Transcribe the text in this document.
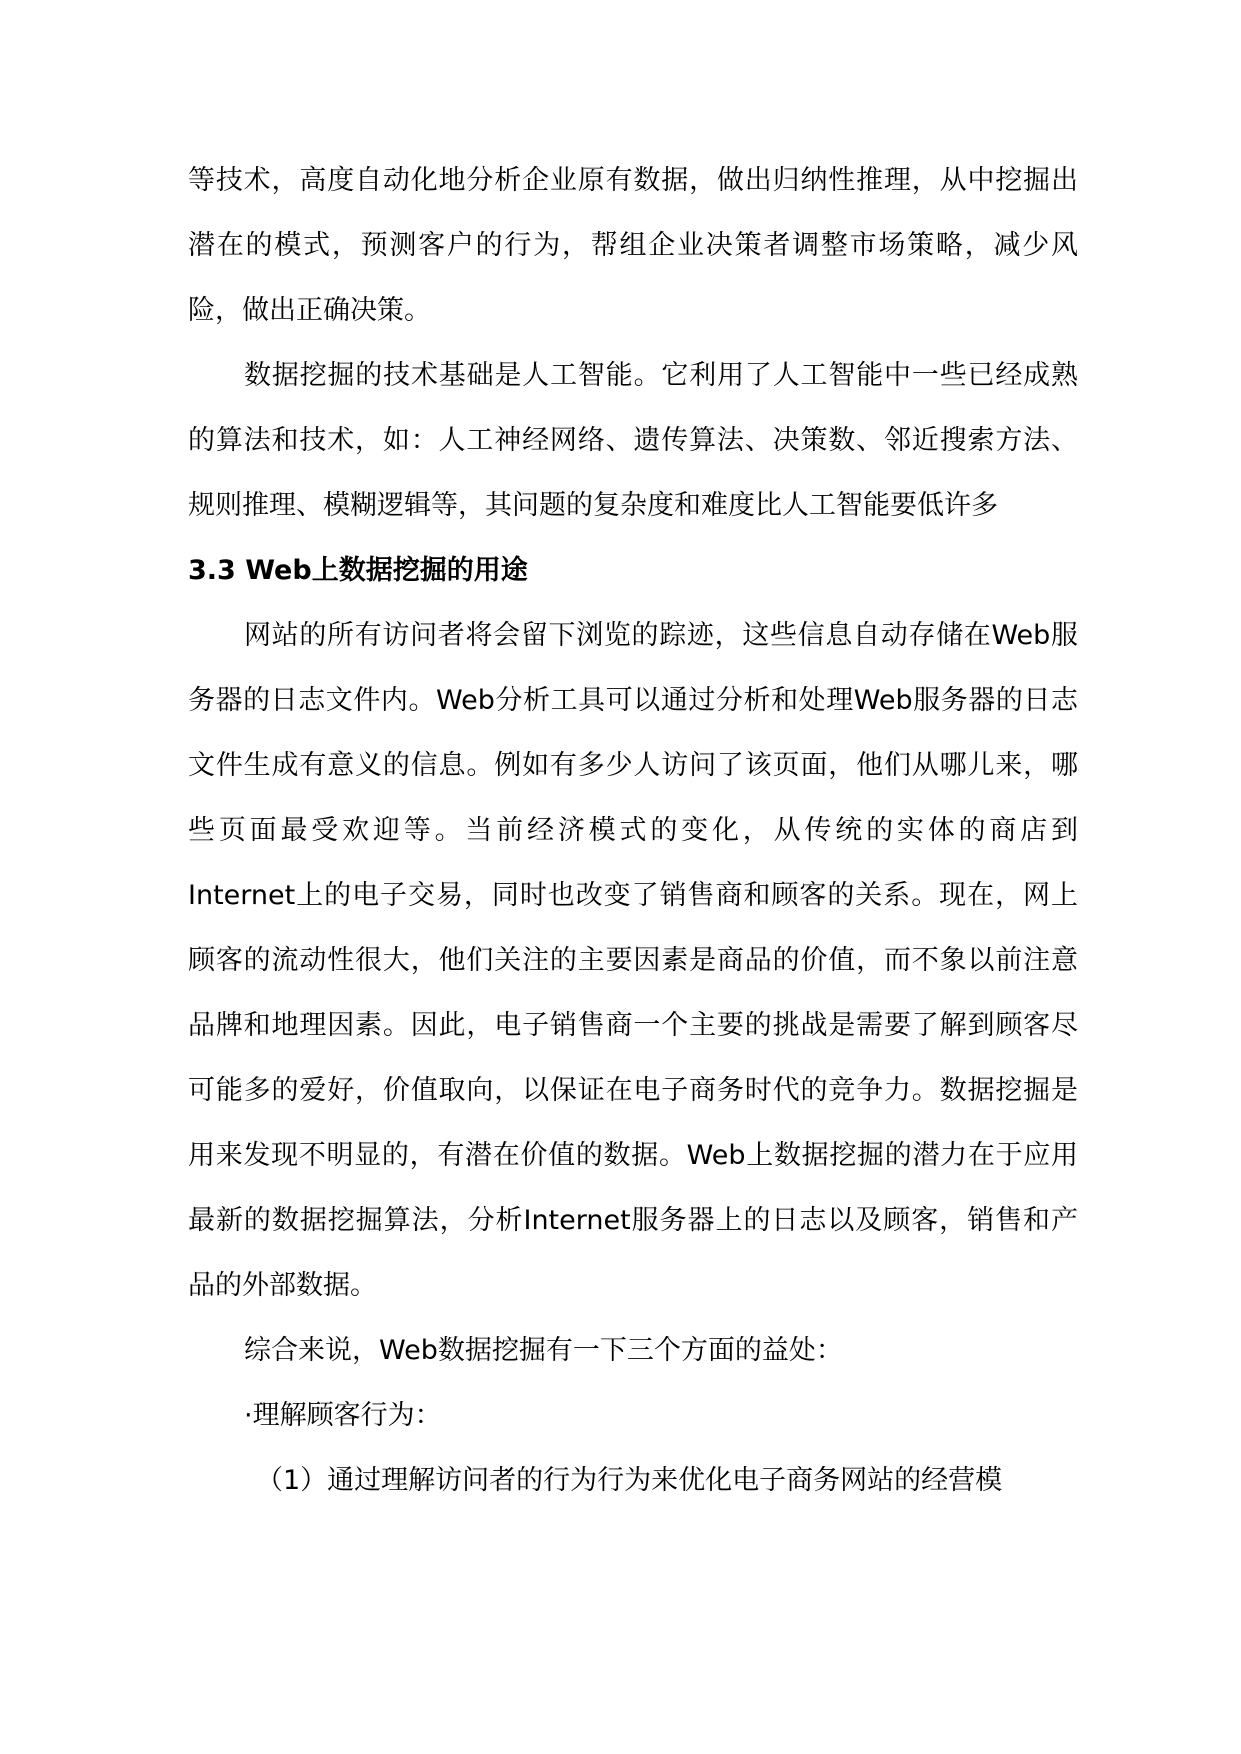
等技术，高度自动化地分析企业原有数据，做出归纳性推理，从中挖掘出潜在的模式，预测客户的行为，帮组企业决策者调整市场策略，减少风险，做出正确决策。

数据挖掘的技术基础是人工智能。它利用了人工智能中一些已经成熟的算法和技术，如：人工神经网络、遗传算法、决策数、邻近搜索方法、规则推理、模糊逻辑等，其问题的复杂度和难度比人工智能要低许多

3.3 Web上数据挖掘的用途

网站的所有访问者将会留下浏览的踪迹，这些信息自动存储在Web服务器的日志文件内。Web分析工具可以通过分析和处理Web服务器的日志文件生成有意义的信息。例如有多少人访问了该页面，他们从哪儿来，哪些页面最受欢迎等。当前经济模式的变化，从传统的实体的商店到Internet上的电子交易，同时也改变了销售商和顾客的关系。现在，网上顾客的流动性很大，他们关注的主要因素是商品的价值，而不象以前注意品牌和地理因素。因此，电子销售商一个主要的挑战是需要了解到顾客尽可能多的爱好，价值取向，以保证在电子商务时代的竞争力。数据挖掘是用来发现不明显的，有潜在价值的数据。Web上数据挖掘的潜力在于应用最新的数据挖掘算法，分析Internet服务器上的日志以及顾客，销售和产品的外部数据。

综合来说，Web数据挖掘有一下三个方面的益处：

·理解顾客行为：

（1）通过理解访问者的行为行为来优化电子商务网站的经营模
